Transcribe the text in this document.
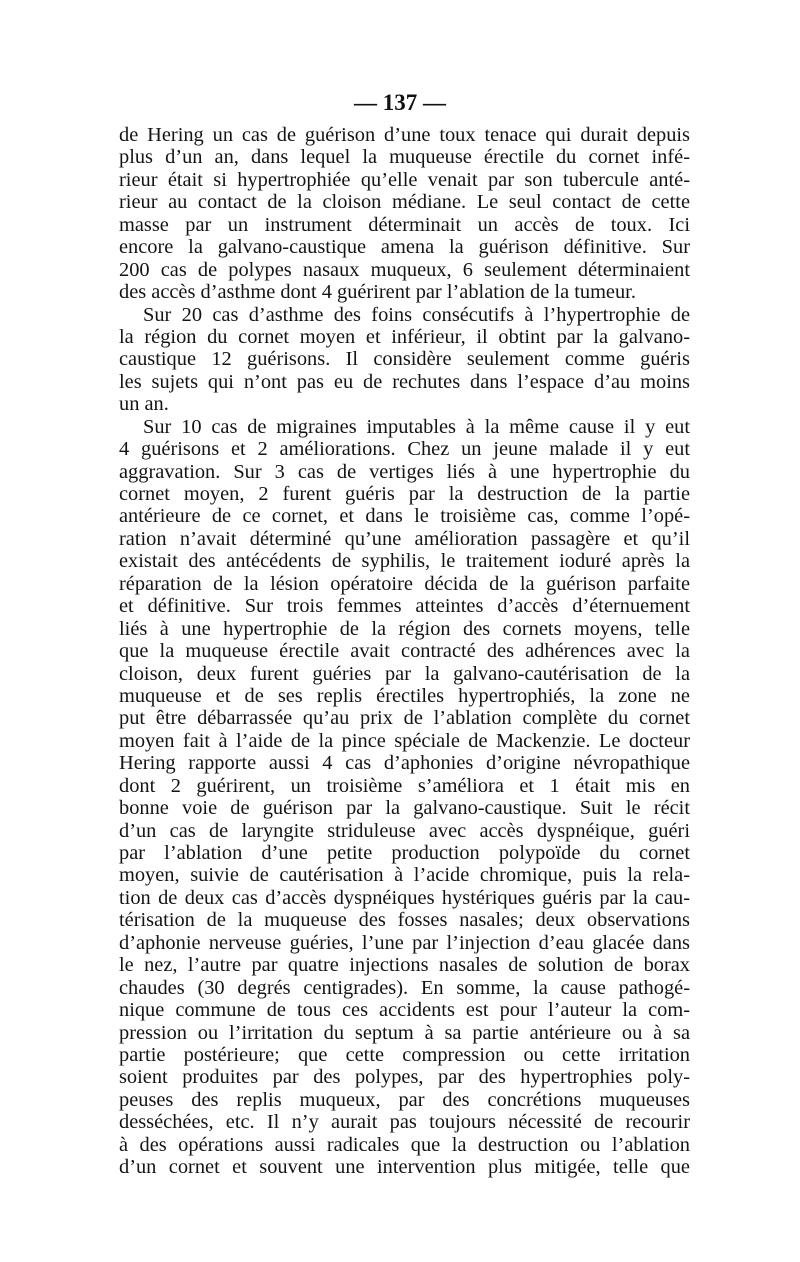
— 137 —

de Hering un cas de guérison d’une toux tenace qui durait depuis
plus d’un an, dans lequel la muqueuse érectile du cornet infé-
rieur était si hypertrophiée qu’elle venait par son tubercule anté-
rieur au contact de la cloison médiane. Le seul contact de cette
masse par un instrument déterminait un accès de toux. Ici
encore la galvano-caustique amena la guérison définitive. Sur
200 cas de polypes nasaux muqueux, 6 seulement déterminaient
des accès d’asthme dont 4 guérirent par l’ablation de la tumeur.
Sur 20 cas d’asthme des foins consécutifs à l’hypertrophie de
la région du cornet moyen et inférieur, il obtint par la galvano-
caustique 12 guérisons. Il considère seulement comme guéris
les sujets qui n’ont pas eu de rechutes dans l’espace d’au moins
un an.
Sur 10 cas de migraines imputables à la même cause il y eut
4 guérisons et 2 améliorations. Chez un jeune malade il y eut
aggravation. Sur 3 cas de vertiges liés à une hypertrophie du
cornet moyen, 2 furent guéris par la destruction de la partie
antérieure de ce cornet, et dans le troisième cas, comme l’opé-
ration n’avait déterminé qu’une amélioration passagère et qu’il
existait des antécédents de syphilis, le traitement ioduré après la
réparation de la lésion opératoire décida de la guérison parfaite
et définitive. Sur trois femmes atteintes d’accès d’éternuement
liés à une hypertrophie de la région des cornets moyens, telle
que la muqueuse érectile avait contracté des adhérences avec la
cloison, deux furent guéries par la galvano-cautérisation de la
muqueuse et de ses replis érectiles hypertrophiés, la zone ne
put être débarrassée qu’au prix de l’ablation complète du cornet
moyen fait à l’aide de la pince spéciale de Mackenzie. Le docteur
Hering rapporte aussi 4 cas d’aphonies d’origine névropathique
dont 2 guérirent, un troisième s’améliora et 1 était mis en
bonne voie de guérison par la galvano-caustique. Suit le récit
d’un cas de laryngite striduleuse avec accès dyspnéique, guéri
par l’ablation d’une petite production polypoïde du cornet
moyen, suivie de cautérisation à l’acide chromique, puis la rela-
tion de deux cas d’accès dyspnéiques hystériques guéris par la cau-
térisation de la muqueuse des fosses nasales; deux observations
d’aphonie nerveuse guéries, l’une par l’injection d’eau glacée dans
le nez, l’autre par quatre injections nasales de solution de borax
chaudes (30 degrés centigrades). En somme, la cause pathogé-
nique commune de tous ces accidents est pour l’auteur la com-
pression ou l’irritation du septum à sa partie antérieure ou à sa
partie postérieure; que cette compression ou cette irritation
soient produites par des polypes, par des hypertrophies poly-
peuses des replis muqueux, par des concrétions muqueuses
desséchées, etc. Il n’y aurait pas toujours nécessité de recourir
à des opérations aussi radicales que la destruction ou l’ablation
d’un cornet et souvent une intervention plus mitigée, telle que
